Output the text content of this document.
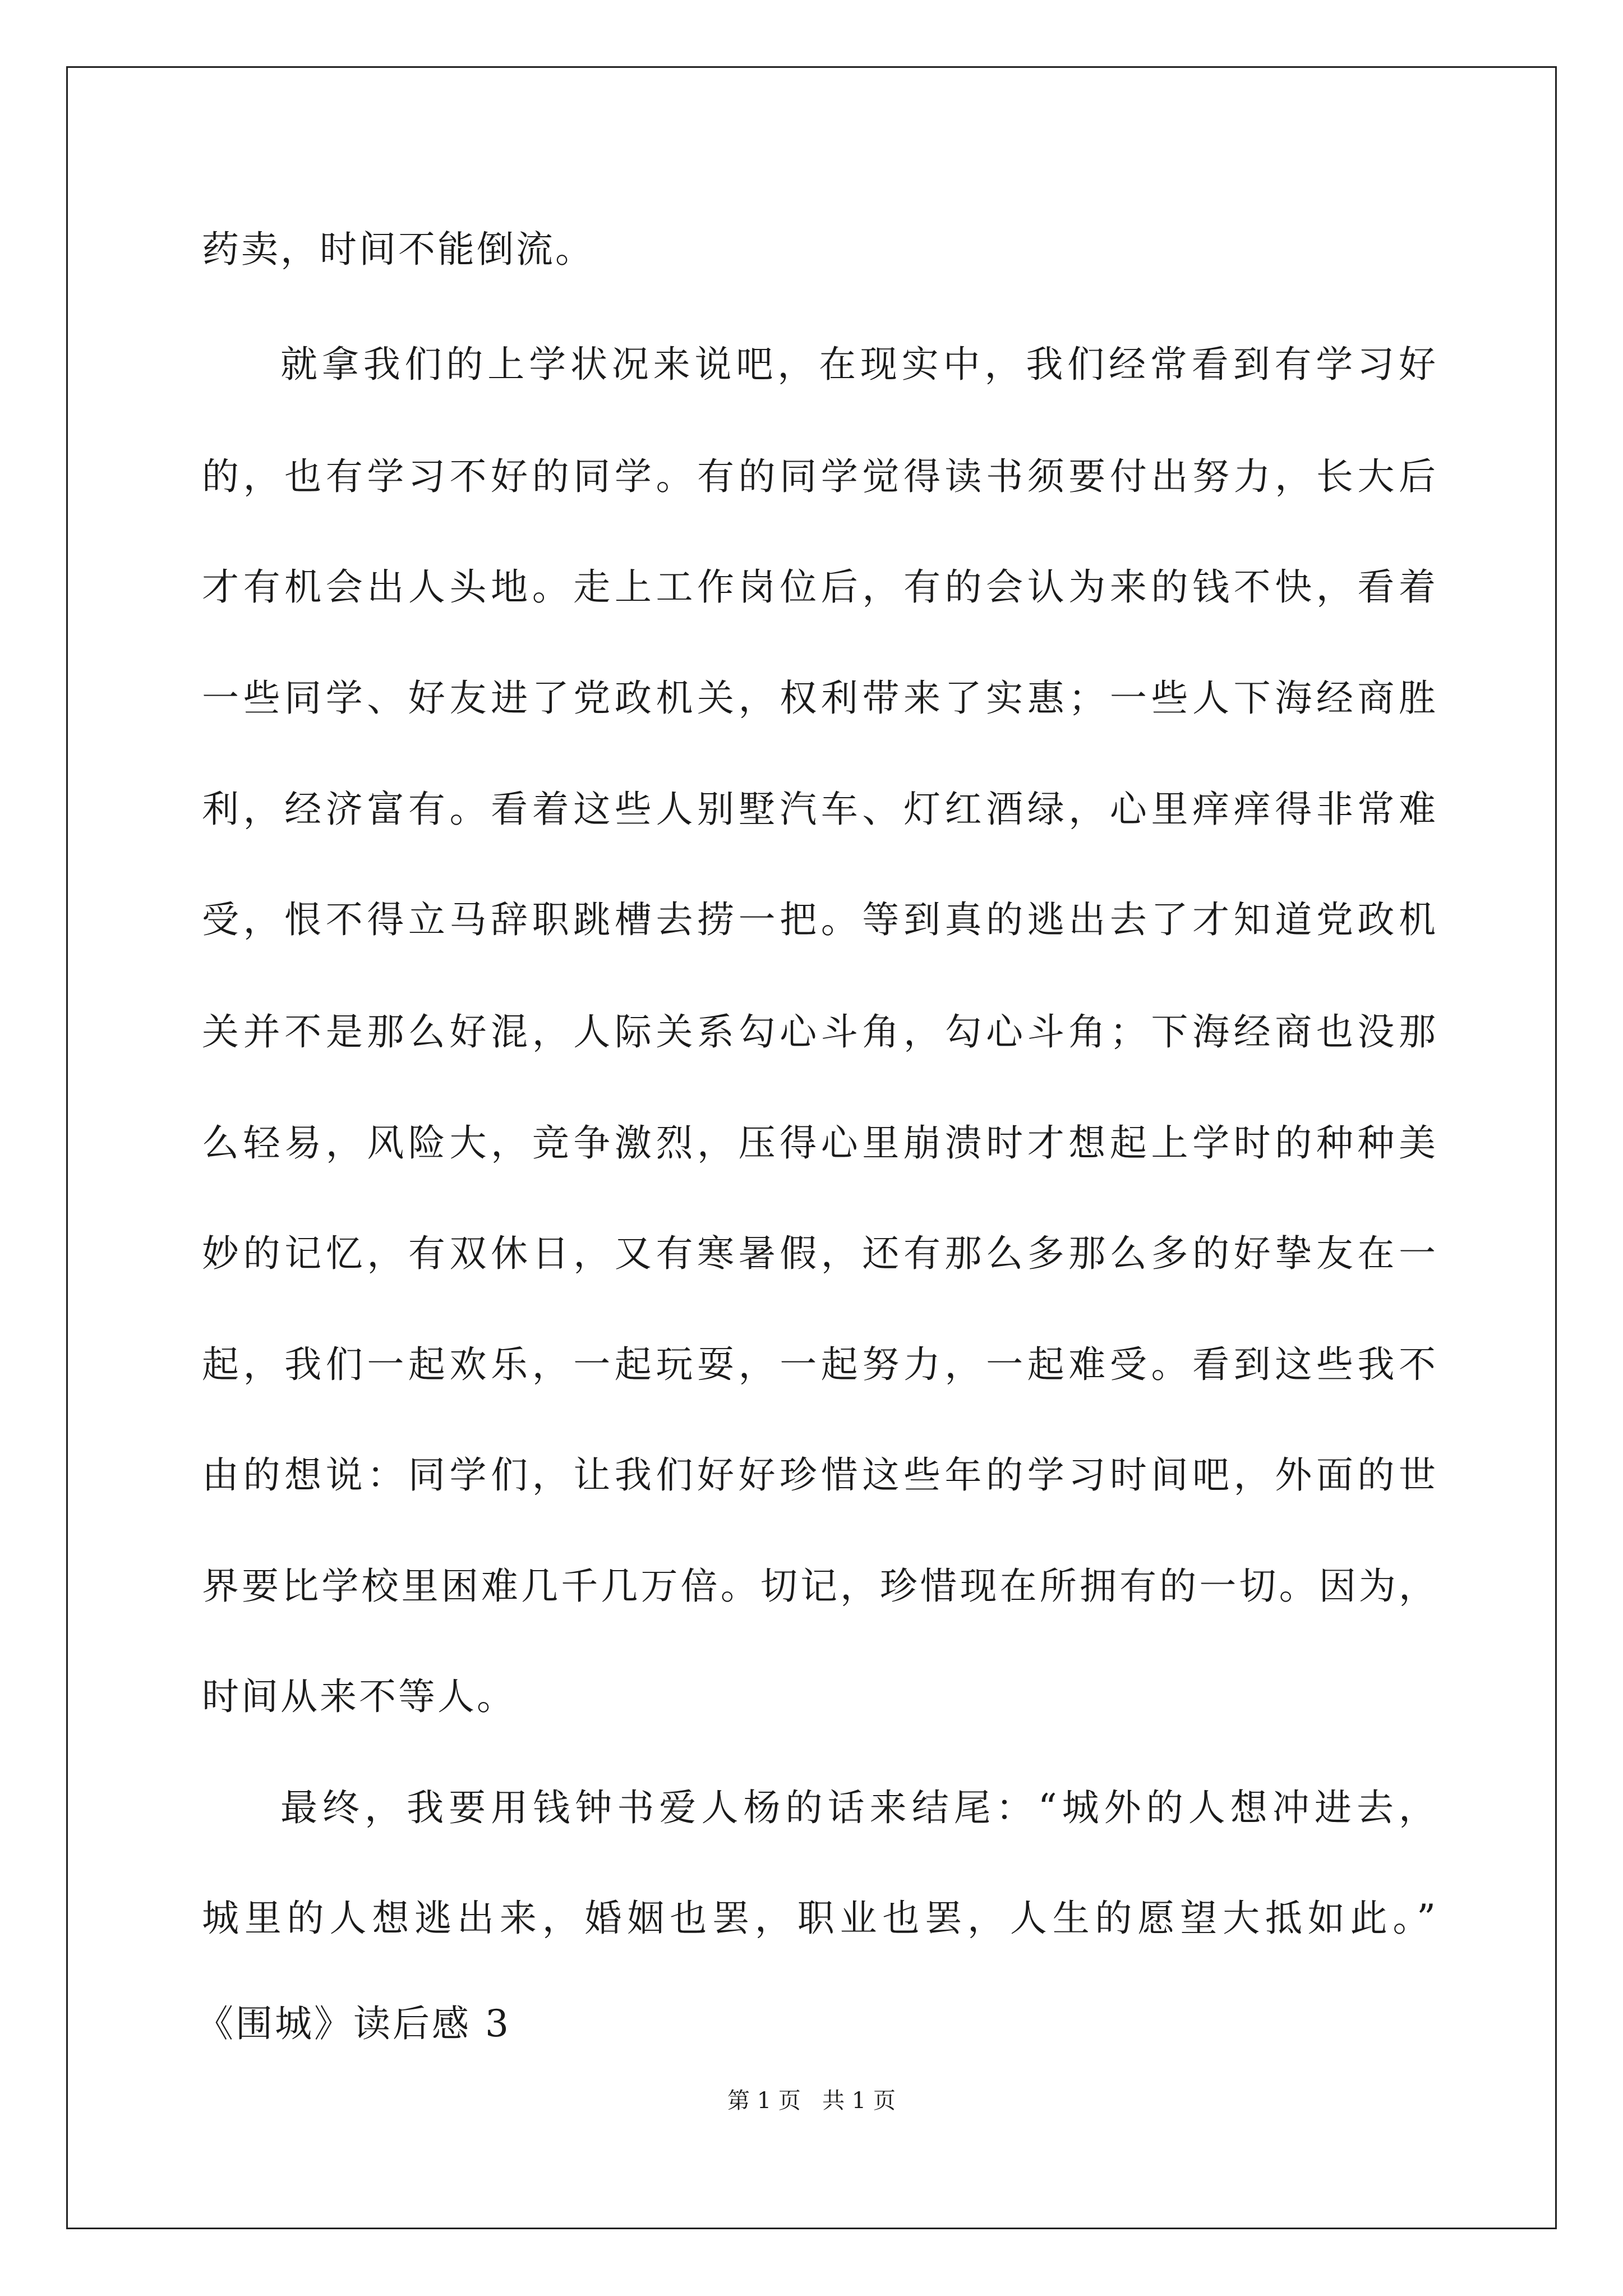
药卖，时间不能倒流。
就拿我们的上学状况来说吧，在现实中，我们经常看到有学习好
的，也有学习不好的同学。有的同学觉得读书须要付出努力，长大后
才有机会出人头地。走上工作岗位后，有的会认为来的钱不快，看着
一些同学、好友进了党政机关，权利带来了实惠；一些人下海经商胜
利，经济富有。看着这些人别墅汽车、灯红酒绿，心里痒痒得非常难
受，恨不得立马辞职跳槽去捞一把。等到真的逃出去了才知道党政机
关并不是那么好混，人际关系勾心斗角，勾心斗角；下海经商也没那
么轻易，风险大，竞争激烈，压得心里崩溃时才想起上学时的种种美
妙的记忆，有双休日，又有寒暑假，还有那么多那么多的好挚友在一
起，我们一起欢乐，一起玩耍，一起努力，一起难受。看到这些我不
由的想说：同学们，让我们好好珍惜这些年的学习时间吧，外面的世
界要比学校里困难几千几万倍。切记，珍惜现在所拥有的一切。因为，
时间从来不等人。
最终，我要用钱钟书爱人杨的话来结尾：“城外的人想冲进去，
城里的人想逃出来，婚姻也罢，职业也罢，人生的愿望大抵如此。”
《围城》读后感 3
第 1 页   共 1 页
